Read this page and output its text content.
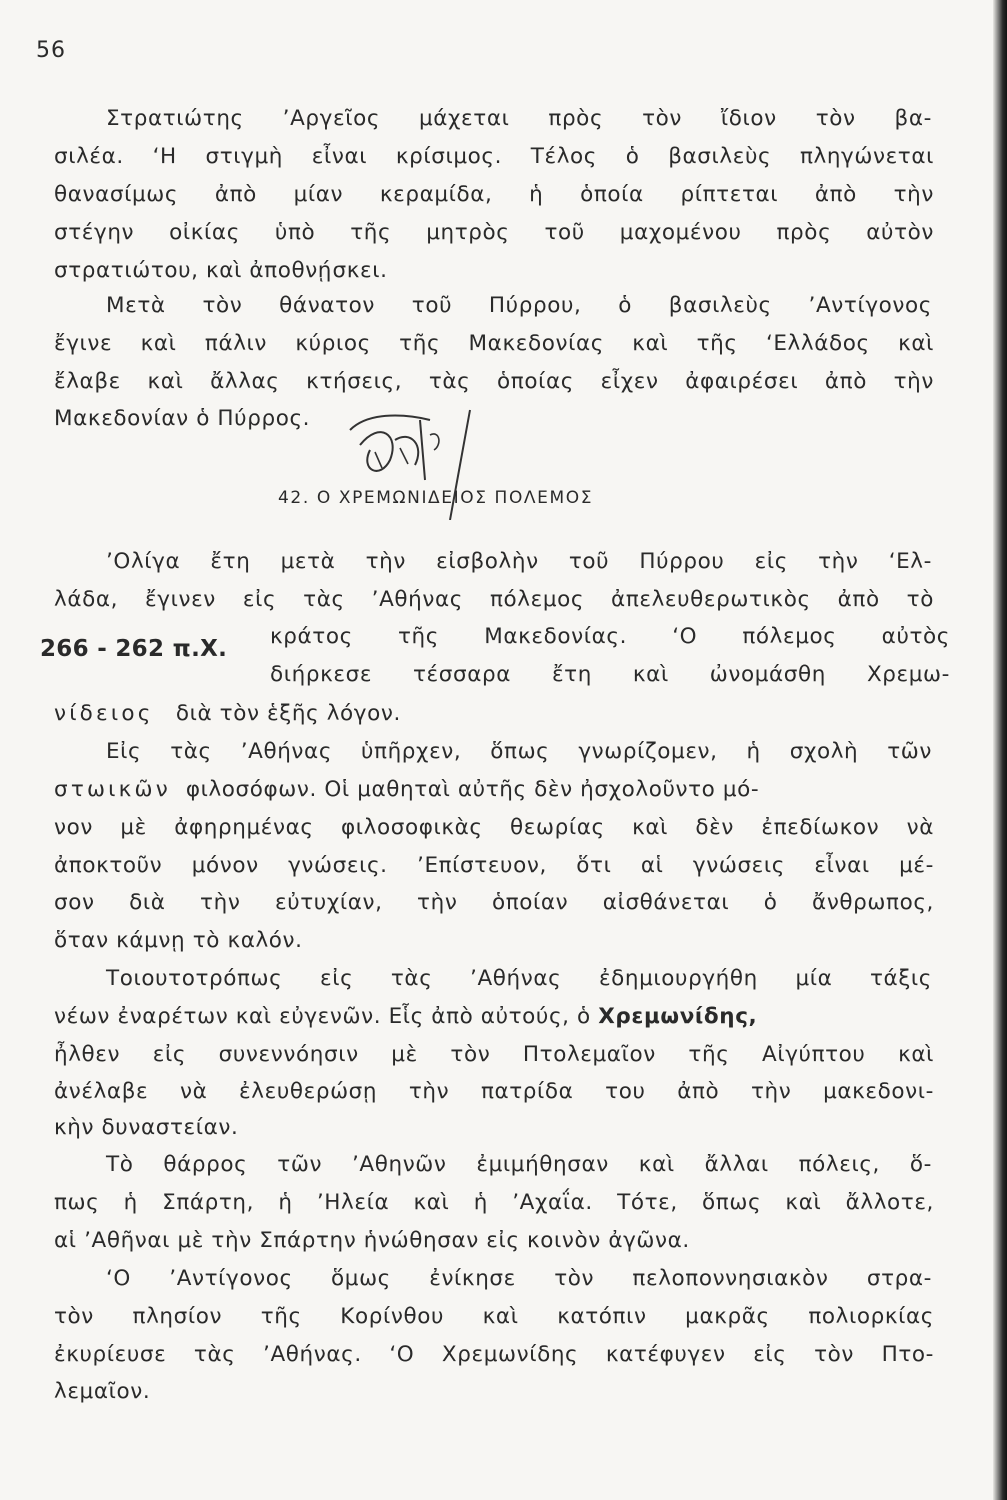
56
Στρατιώτης ’Αργεῖος μάχεται πρὸς τὸν ἴδιον τὸν βα-
σιλέα. ‘Η στιγμὴ εἶναι κρίσιμος. Τέλος ὁ βασιλεὺς πληγώνεται
θανασίμως ἀπὸ μίαν κεραμίδα, ἡ ὁποία ρίπτεται ἀπὸ τὴν
στέγην οἰκίας ὑπὸ τῆς μητρὸς τοῦ μαχομένου πρὸς αὐτὸν
στρατιώτου, καὶ ἀποθνῄσκει.
Μετὰ τὸν θάνατον τοῦ Πύρρου, ὁ βασιλεὺς ’Αντίγονος
ἔγινε καὶ πάλιν κύριος τῆς Μακεδονίας καὶ τῆς ‘Ελλάδος καὶ
ἔλαβε καὶ ἄλλας κτήσεις, τὰς ὁποίας εἶχεν ἀφαιρέσει ἀπὸ τὴν
Μακεδονίαν ὁ Πύρρος.
42. Ο ΧΡΕΜΩΝΙΔΕΙΟΣ ΠΟΛΕΜΟΣ
’Ολίγα ἔτη μετὰ τὴν εἰσβολὴν τοῦ Πύρρου εἰς τὴν ‘Ελ-
λάδα, ἔγινεν εἰς τὰς ’Αθήνας πόλεμος ἀπελευθερωτικὸς ἀπὸ τὸ
266 - 262 π.Χ. κράτος τῆς Μακεδονίας. ‘Ο πόλεμος αὐτὸς
διήρκεσε τέσσαρα ἔτη καὶ ὠνομάσθη Χρεμω-
νίδειος διὰ τὸν ἑξῆς λόγον.
Εἰς τὰς ’Αθήνας ὑπῆρχεν, ὅπως γνωρίζομεν, ἡ σχολὴ τῶν
στωικῶν φιλοσόφων. Οἱ μαθηταὶ αὐτῆς δὲν ἠσχολοῦντο μό-
νον μὲ ἀφηρημένας φιλοσοφικὰς θεωρίας καὶ δὲν ἐπεδίωκον νὰ
ἀποκτοῦν μόνον γνώσεις. ’Επίστευον, ὅτι αἱ γνώσεις εἶναι μέ-
σον διὰ τὴν εὐτυχίαν, τὴν ὁποίαν αἰσθάνεται ὁ ἄνθρωπος,
ὅταν κάμνῃ τὸ καλόν.
Τοιουτοτρόπως εἰς τὰς ’Αθήνας ἐδημιουργήθη μία τάξις
νέων ἐναρέτων καὶ εὐγενῶν. Εἷς ἀπὸ αὐτούς, ὁ Χρεμωνίδης,
ἦλθεν εἰς συνεννόησιν μὲ τὸν Πτολεμαῖον τῆς Αἰγύπτου καὶ
ἀνέλαβε νὰ ἐλευθερώσῃ τὴν πατρίδα του ἀπὸ τὴν μακεδονι-
κὴν δυναστείαν.
Τὸ θάρρος τῶν ’Αθηνῶν ἐμιμήθησαν καὶ ἄλλαι πόλεις, ὅ-
πως ἡ Σπάρτη, ἡ ’Ηλεία καὶ ἡ ’Αχαΐα. Τότε, ὅπως καὶ ἄλλοτε,
αἱ ’Αθῆναι μὲ τὴν Σπάρτην ἡνώθησαν εἰς κοινὸν ἀγῶνα.
‘Ο ’Αντίγονος ὅμως ἐνίκησε τὸν πελοποννησιακὸν στρα-
τὸν πλησίον τῆς Κορίνθου καὶ κατόπιν μακρᾶς πολιορκίας
ἐκυρίευσε τὰς ’Αθήνας. ‘Ο Χρεμωνίδης κατέφυγεν εἰς τὸν Πτο-
λεμαῖον.
